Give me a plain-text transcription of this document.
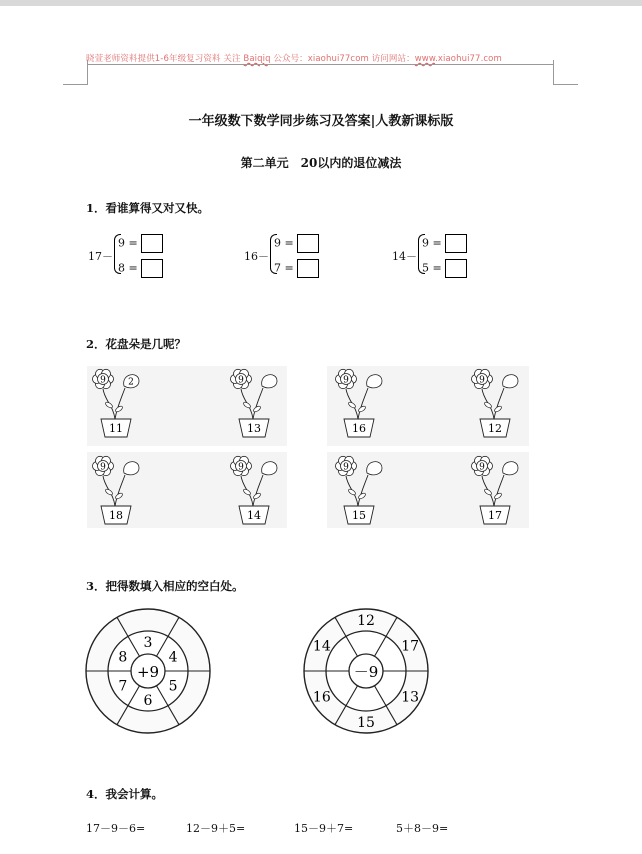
晓萱老师资料提供1-6年级复习资料 关注 Baiqiq 公众号：xiaohui77com 访问网站：www.xiaohui77.com
一年级数下数学同步练习及答案|人教新课标版
第二单元　20以内的退位减法
1．看谁算得又对又快。
17－
9 =
8 =
16－
9 =
7 =
14－
9 =
5 =
2．花盘朵是几呢？
9 2
11
9
13
9
16
9
12
9
18
9
14
9
15
9
17
3．把得数填入相应的空白处。
+9
3
4
5
6
7
8
－9
12
17
13
15
16
14
4．我会计算。
17－9－6=	12－9＋5=	15－9＋7=	5＋8－9=
